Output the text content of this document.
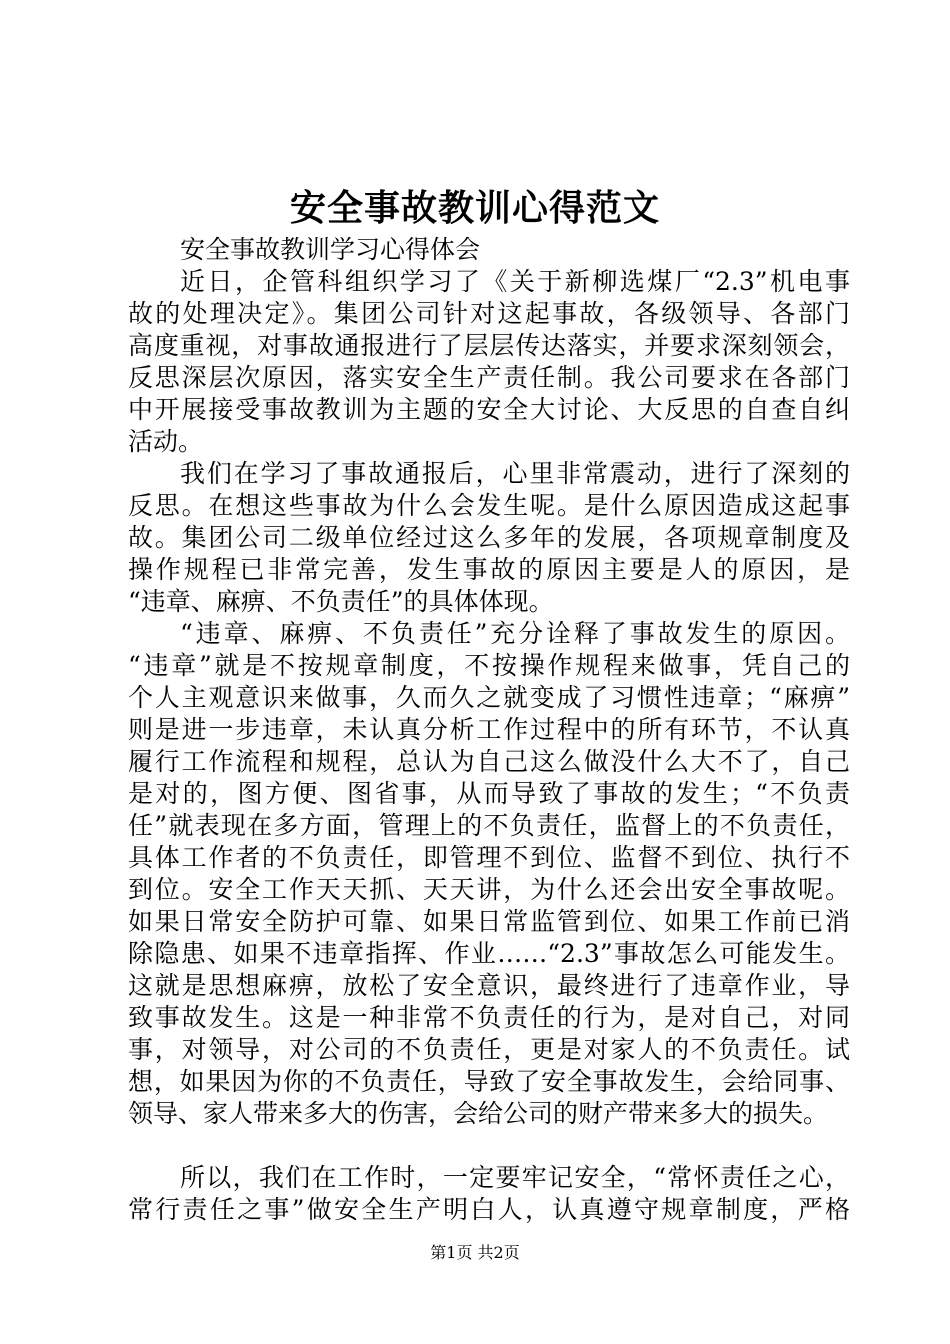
安全事故教训心得范文
安全事故教训学习心得体会
近日，企管科组织学习了《关于新柳选煤厂“2.3”机电事
故的处理决定》。集团公司针对这起事故，各级领导、各部门
高度重视，对事故通报进行了层层传达落实，并要求深刻领会，
反思深层次原因，落实安全生产责任制。我公司要求在各部门
中开展接受事故教训为主题的安全大讨论、大反思的自查自纠
活动。
我们在学习了事故通报后，心里非常震动，进行了深刻的
反思。在想这些事故为什么会发生呢。是什么原因造成这起事
故。集团公司二级单位经过这么多年的发展，各项规章制度及
操作规程已非常完善，发生事故的原因主要是人的原因，是
“违章、麻痹、不负责任”的具体体现。
“违章、麻痹、不负责任”充分诠释了事故发生的原因。
“违章”就是不按规章制度，不按操作规程来做事，凭自己的
个人主观意识来做事，久而久之就变成了习惯性违章；“麻痹”
则是进一步违章，未认真分析工作过程中的所有环节，不认真
履行工作流程和规程，总认为自己这么做没什么大不了，自己
是对的，图方便、图省事，从而导致了事故的发生；“不负责
任”就表现在多方面，管理上的不负责任，监督上的不负责任，
具体工作者的不负责任，即管理不到位、监督不到位、执行不
到位。安全工作天天抓、天天讲，为什么还会出安全事故呢。
如果日常安全防护可靠、如果日常监管到位、如果工作前已消
除隐患、如果不违章指挥、作业……“2.3”事故怎么可能发生。
这就是思想麻痹，放松了安全意识，最终进行了违章作业，导
致事故发生。这是一种非常不负责任的行为，是对自己，对同
事，对领导，对公司的不负责任，更是对家人的不负责任。试
想，如果因为你的不负责任，导致了安全事故发生，会给同事、
领导、家人带来多大的伤害，会给公司的财产带来多大的损失。
所以，我们在工作时，一定要牢记安全，“常怀责任之心，
常行责任之事”做安全生产明白人，认真遵守规章制度，严格
第1页 共2页
